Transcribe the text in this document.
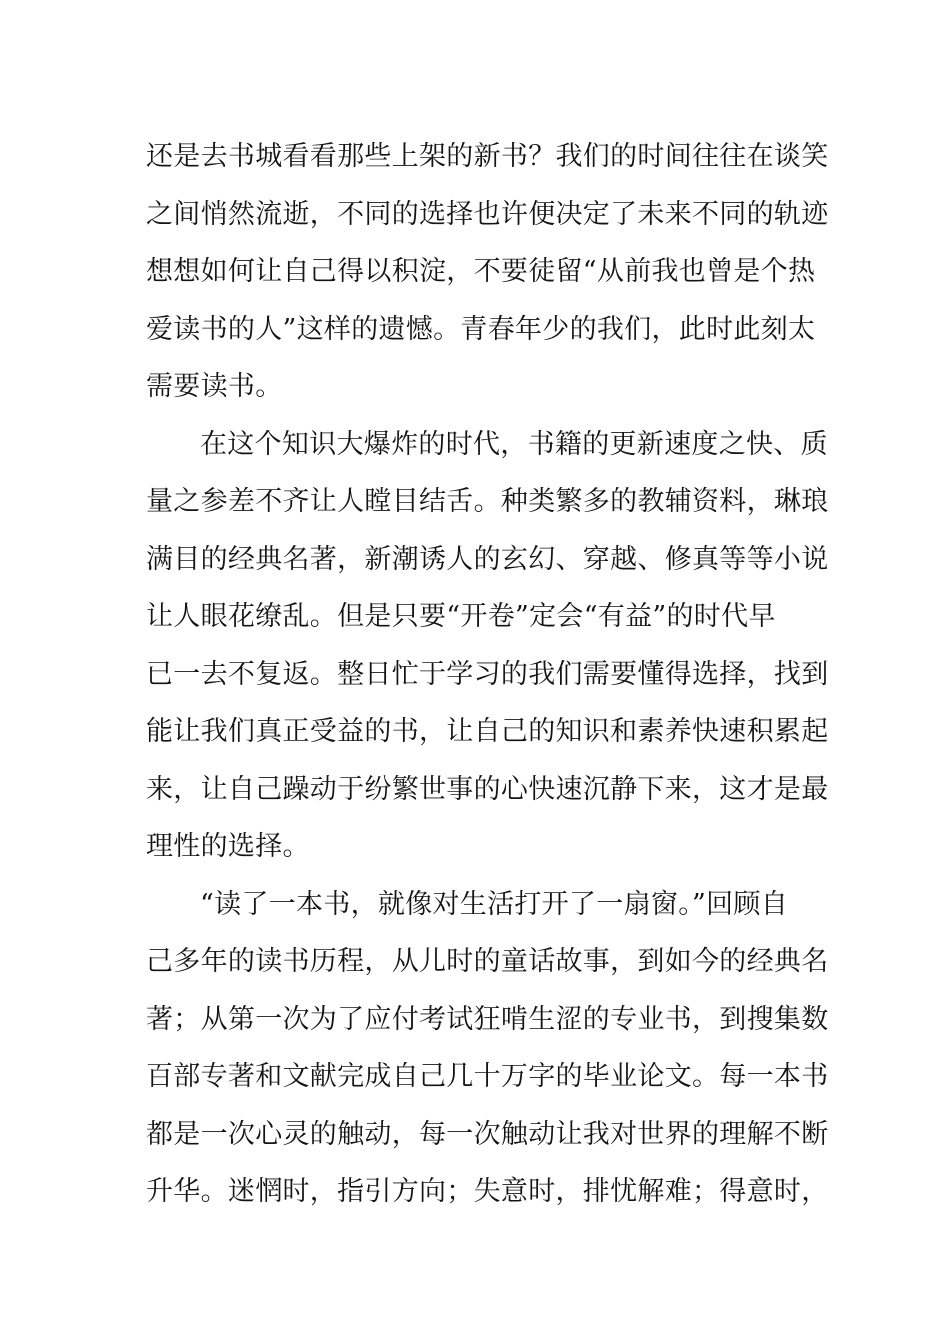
还是去书城看看那些上架的新书？我们的时间往往在谈笑
之间悄然流逝，不同的选择也许便决定了未来不同的轨迹
想想如何让自己得以积淀，不要徒留“从前我也曾是个热
爱读书的人”这样的遗憾。青春年少的我们，此时此刻太
需要读书。

在这个知识大爆炸的时代，书籍的更新速度之快、质
量之参差不齐让人瞠目结舌。种类繁多的教辅资料，琳琅
满目的经典名著，新潮诱人的玄幻、穿越、修真等等小说
让人眼花缭乱。但是只要“开卷”定会“有益”的时代早
已一去不复返。整日忙于学习的我们需要懂得选择，找到
能让我们真正受益的书，让自己的知识和素养快速积累起
来，让自己躁动于纷繁世事的心快速沉静下来，这才是最
理性的选择。

“读了一本书，就像对生活打开了一扇窗。”回顾自
己多年的读书历程，从儿时的童话故事，到如今的经典名
著；从第一次为了应付考试狂啃生涩的专业书，到搜集数
百部专著和文献完成自己几十万字的毕业论文。每一本书
都是一次心灵的触动，每一次触动让我对世界的理解不断
升华。迷惘时，指引方向；失意时，排忧解难；得意时，
